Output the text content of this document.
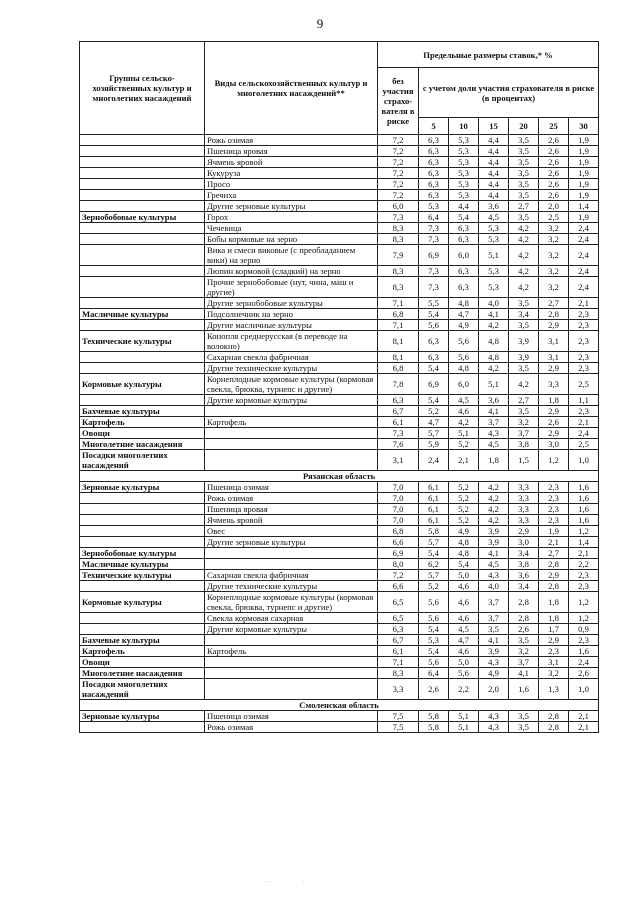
9
Группы сельско-хозяйственных культур и многолетних насаждений	Виды сельскохозяйственных культур и многолетних насаждений**	Предельные размеры ставок,* %						
		без участия страхо-вателя в риске	с учетом доли участия страхователя в риске (в процентах)					
			5	10	15	20	25	30
	Рожь озимая	7,2	6,3	5,3	4,4	3,5	2,6	1,9
	Пшеница яровая	7,2	6,3	5,3	4,4	3,5	2,6	1,9
	Ячмень яровой	7,2	6,3	5,3	4,4	3,5	2,6	1,9
	Кукуруза	7,2	6,3	5,3	4,4	3,5	2,6	1,9
	Просо	7,2	6,3	5,3	4,4	3,5	2,6	1,9
	Гречиха	7,2	6,3	5,3	4,4	3,5	2,6	1,9
	Другие зерновые культуры	6,0	5,3	4,4	3,6	2,7	2,0	1,4
Зернобобовые культуры	Горох	7,3	6,4	5,4	4,5	3,5	2,5	1,9
	Чечевица	8,3	7,3	6,3	5,3	4,2	3,2	2,4
	Бобы кормовые на зерно	8,3	7,3	6,3	5,3	4,2	3,2	2,4
	Вика и смеси виковые (с преобладанием вики) на зерно	7,9	6,9	6,0	5,1	4,2	3,2	2,4
	Люпин кормовой (сладкий) на зерно	8,3	7,3	6,3	5,3	4,2	3,2	2,4
	Прочие зернобобовые (нут, чина, маш и другие)	8,3	7,3	6,3	5,3	4,2	3,2	2,4
	Другие зернобобовые культуры	7,1	5,5	4,8	4,0	3,5	2,7	2,1
Масличные культуры	Подсолнечник на зерно	6,8	5,4	4,7	4,1	3,4	2,8	2,3
	Другие масличные культуры	7,1	5,6	4,9	4,2	3,5	2,9	2,3
Технические культуры	Конопля среднерусская (в переводе на волокно)	8,1	6,3	5,6	4,8	3,9	3,1	2,3
	Сахарная свекла фабричная	8,1	6,3	5,6	4,8	3,9	3,1	2,3
	Другие технические культуры	6,8	5,4	4,8	4,2	3,5	2,9	2,3
Кормовые культуры	Корнеплодные кормовые культуры (кормовая свекла, брюква, турнепс и другие)	7,8	6,9	6,0	5,1	4,2	3,3	2,5
	Другие кормовые культуры	6,3	5,4	4,5	3,6	2,7	1,8	1,1
Бахчевые культуры		6,7	5,2	4,6	4,1	3,5	2,9	2,3
Картофель	Картофель	6,1	4,7	4,2	3,7	3,2	2,6	2,1
Овощи		7,3	5,7	5,1	4,3	3,7	2,9	2,4
Многолетние насаждения		7,6	5,9	5,2	4,5	3,8	3,0	2,5
Посадки многолетних насаждений		3,1	2,4	2,1	1,8	1,5	1,2	1,0
Рязанская область								
Зерновые культуры	Пшеница озимая	7,0	6,1	5,2	4,2	3,3	2,3	1,6
	Рожь озимая	7,0	6,1	5,2	4,2	3,3	2,3	1,6
	Пшеница яровая	7,0	6,1	5,2	4,2	3,3	2,3	1,6
	Ячмень яровой	7,0	6,1	5,2	4,2	3,3	2,3	1,6
	Овес	6,8	5,8	4,9	3,9	2,9	1,9	1,2
	Другие зерновые культуры	6,6	5,7	4,8	3,9	3,0	2,1	1,4
Зернобобовые культуры		6,9	5,4	4,8	4,1	3,4	2,7	2,1
Масличные культуры		8,0	6,2	5,4	4,5	3,8	2,8	2,2
Технические культуры	Сахарная свекла фабричная	7,2	5,7	5,0	4,3	3,6	2,9	2,3
	Другие технические культуры	6,6	5,2	4,6	4,0	3,4	2,8	2,3
Кормовые культуры	Корнеплодные кормовые культуры (кормовая свекла, брюква, турнепс и другие)	6,5	5,6	4,6	3,7	2,8	1,8	1,2
	Свекла кормовая сахарная	6,5	5,6	4,6	3,7	2,8	1,8	1,2
	Другие кормовые культуры	6,3	5,4	4,5	3,5	2,6	1,7	0,9
Бахчевые культуры		6,7	5,3	4,7	4,1	3,5	2,9	2,3
Картофель	Картофель	6,1	5,4	4,6	3,9	3,2	2,3	1,6
Овощи		7,1	5,6	5,0	4,3	3,7	3,1	2,4
Многолетние насаждения		8,3	6,4	5,6	4,9	4,1	3,2	2,6
Посадки многолетних насаждений		3,3	2,6	2,2	2,0	1,6	1,3	1,0
Смоленская область								
Зерновые культуры	Пшеница озимая	7,5	5,8	5,1	4,3	3,5	2,8	2,1
	Рожь озимая	7,5	5,8	5,1	4,3	3,5	2,8	2,1
. . .                    .
